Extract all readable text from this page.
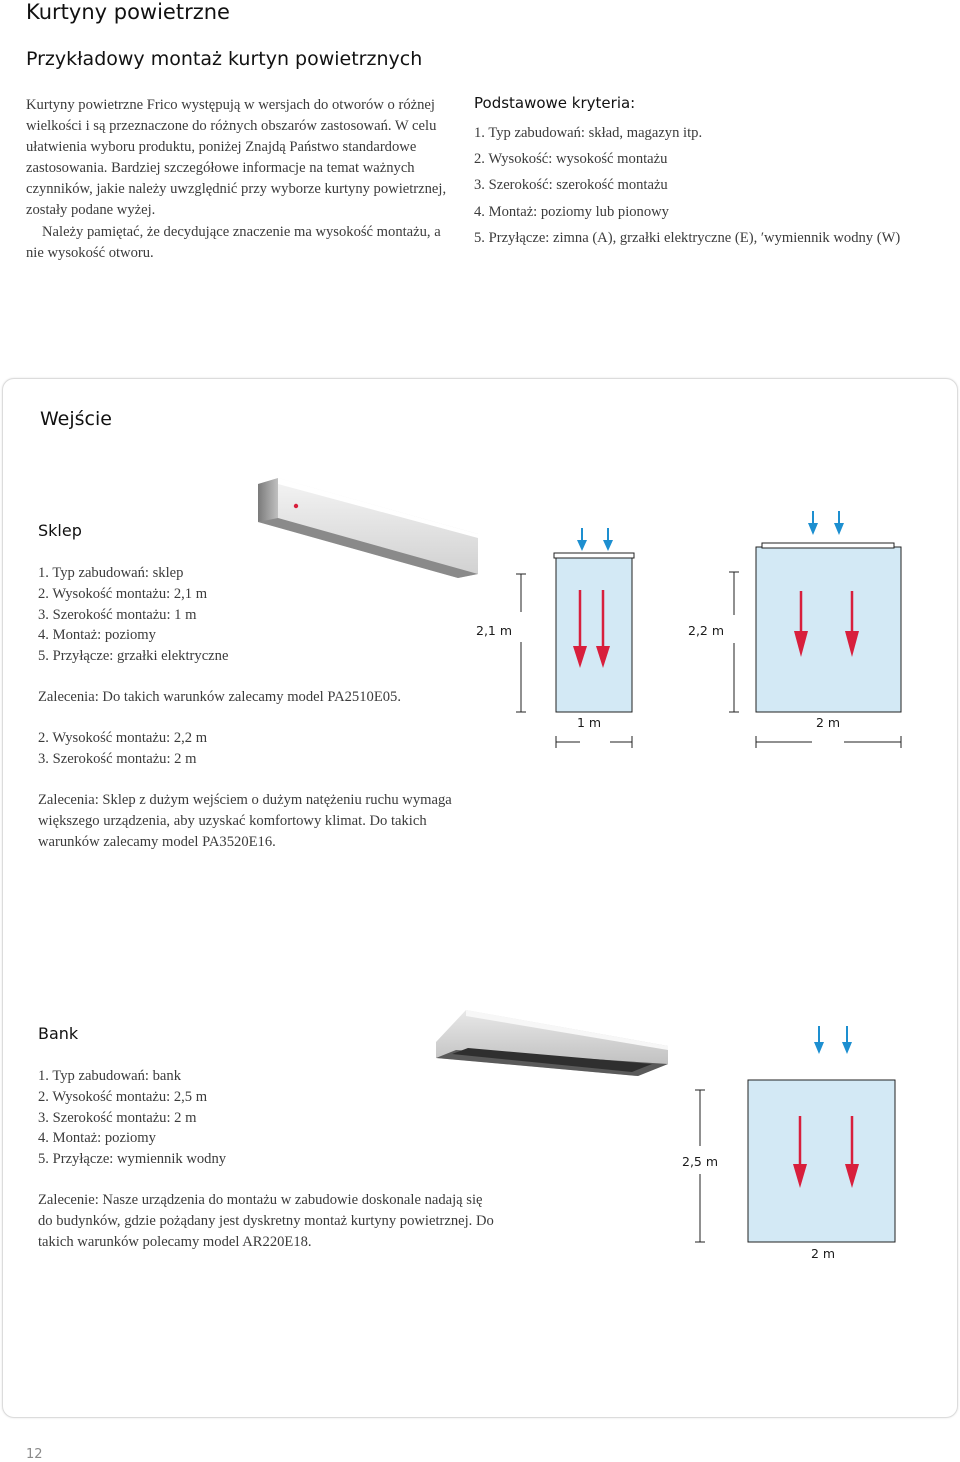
Kurtyny powietrzne
Przykładowy montaż kurtyn powietrznych

Kurtyny powietrzne Frico występują w wersjach do otworów o różnej wielkości i są przeznaczone do różnych obszarów zastosowań. W celu ułatwienia wyboru produktu, poniżej Znajdą Państwo standardowe zastosowania. Bardziej szczegółowe informacje na temat ważnych czynników, jakie należy uwzględnić przy wyborze kurtyny powietrznej, zostały podane wyżej.

Należy pamiętać, że decydujące znaczenie ma wysokość montażu, a nie wysokość otworu.

Podstawowe kryteria:
1. Typ zabudowań: skład, magazyn itp.
2. Wysokość: wysokość montażu
3. Szerokość: szerokość montażu
4. Montaż: poziomy lub pionowy
5. Przyłącze: zimna (A), grzałki elektryczne (E), ′wymiennik wodny (W)
Wejście
Sklep
1. Typ zabudowań: sklep
2. Wysokość montażu: 2,1 m
3. Szerokość montażu: 1 m
4. Montaż: poziomy
5. Przyłącze: grzałki elektryczne
Zalecenia: Do takich warunków zalecamy model PA2510E05.
2. Wysokość montażu: 2,2 m
3. Szerokość montażu: 2 m
Zalecenia: Sklep z dużym wejściem o dużym natężeniu ruchu wymaga większego urządzenia, aby uzyskać komfortowy klimat. Do takich warunków zalecamy model PA3520E16.
2,1 m
1 m
2,2 m
2 m
Bank
1. Typ zabudowań: bank
2. Wysokość montażu: 2,5 m
3. Szerokość montażu: 2 m
4. Montaż: poziomy
5. Przyłącze: wymiennik wodny
Zalecenie: Nasze urządzenia do montażu w zabudowie doskonale nadają się do budynków, gdzie pożądany jest dyskretny montaż kurtyny powietrznej. Do takich warunków polecamy model AR220E18.
2,5 m
2 m
12
